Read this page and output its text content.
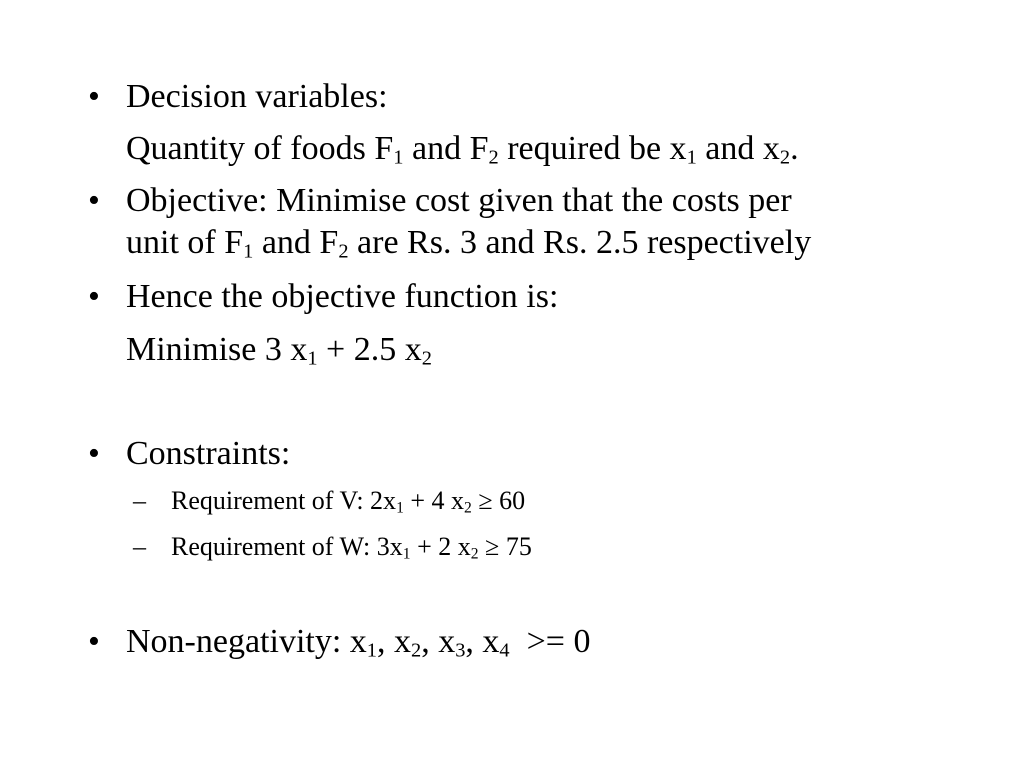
• Decision variables:
Quantity of foods $F_1$ and $F_2$ required be $x_1$ and $x_2$.
• Objective: Minimise cost given that the costs per
unit of $F_1$ and $F_2$ are Rs. 3 and Rs. 2.5 respectively
• Hence the objective function is:
Minimise 3 $x_1 + 2.5$ $x_2$
• Constraints:
– Requirement of V: $2x_1 + 4$ $x_2 \ge 60$
– Requirement of W: $3x_1 + 2$ $x_2 \ge 75$
• Non-negativity: $x_1$, $x_2$, $x_3$, $x_4 >= 0$
